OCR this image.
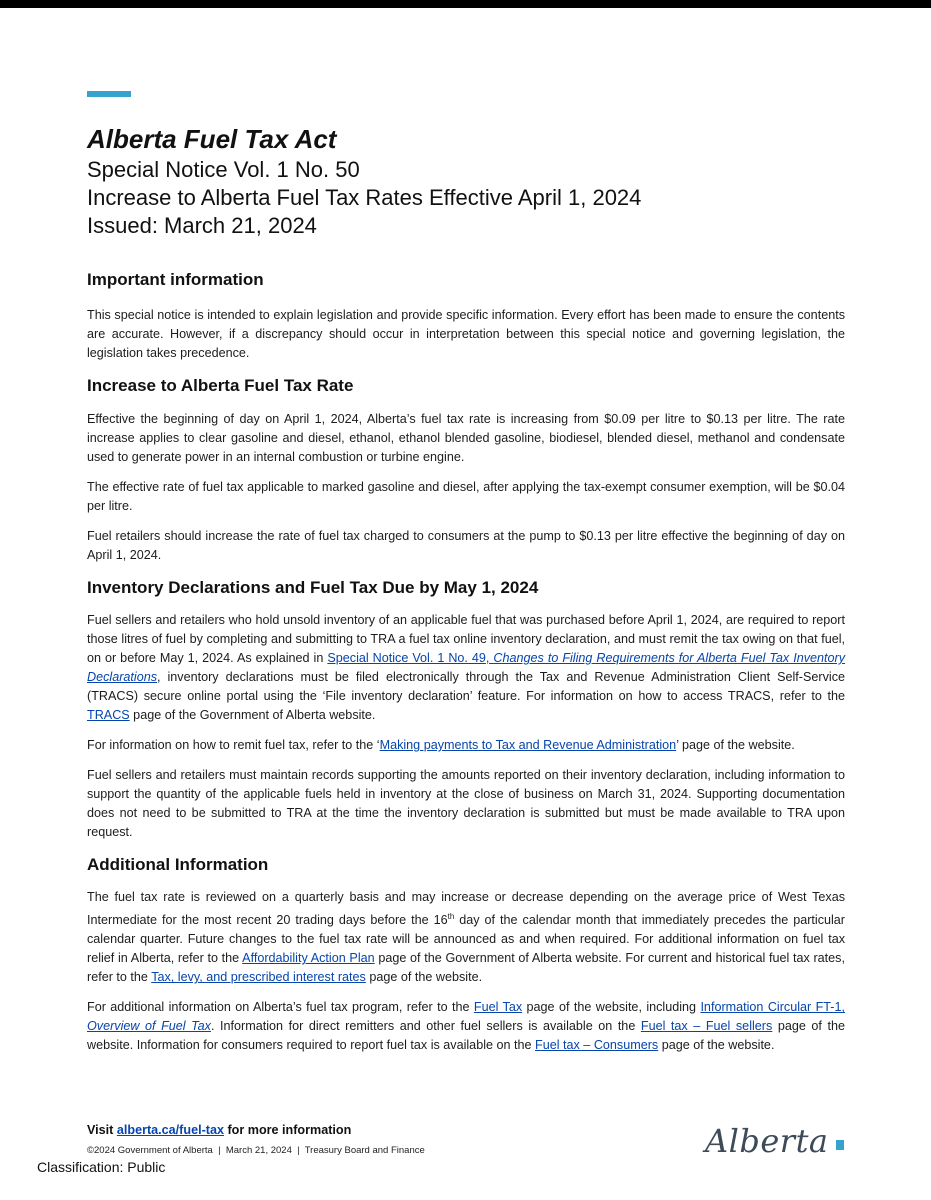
Alberta Fuel Tax Act
Special Notice Vol. 1 No. 50
Increase to Alberta Fuel Tax Rates Effective April 1, 2024
Issued: March 21, 2024
Important information

This special notice is intended to explain legislation and provide specific information. Every effort has been made to ensure the contents are accurate. However, if a discrepancy should occur in interpretation between this special notice and governing legislation, the legislation takes precedence.

Increase to Alberta Fuel Tax Rate

Effective the beginning of day on April 1, 2024, Alberta’s fuel tax rate is increasing from $0.09 per litre to $0.13 per litre. The rate increase applies to clear gasoline and diesel, ethanol, ethanol blended gasoline, biodiesel, blended diesel, methanol and condensate used to generate power in an internal combustion or turbine engine.

The effective rate of fuel tax applicable to marked gasoline and diesel, after applying the tax-exempt consumer exemption, will be $0.04 per litre.

Fuel retailers should increase the rate of fuel tax charged to consumers at the pump to $0.13 per litre effective the beginning of day on April 1, 2024.

Inventory Declarations and Fuel Tax Due by May 1, 2024

Fuel sellers and retailers who hold unsold inventory of an applicable fuel that was purchased before April 1, 2024, are required to report those litres of fuel by completing and submitting to TRA a fuel tax online inventory declaration, and must remit the tax owing on that fuel, on or before May 1, 2024. As explained in Special Notice Vol. 1 No. 49, Changes to Filing Requirements for Alberta Fuel Tax Inventory Declarations, inventory declarations must be filed electronically through the Tax and Revenue Administration Client Self-Service (TRACS) secure online portal using the ‘File inventory declaration’ feature. For information on how to access TRACS, refer to the TRACS page of the Government of Alberta website.

For information on how to remit fuel tax, refer to the ‘Making payments to Tax and Revenue Administration’ page of the website.

Fuel sellers and retailers must maintain records supporting the amounts reported on their inventory declaration, including information to support the quantity of the applicable fuels held in inventory at the close of business on March 31, 2024. Supporting documentation does not need to be submitted to TRA at the time the inventory declaration is submitted but must be made available to TRA upon request.

Additional Information

The fuel tax rate is reviewed on a quarterly basis and may increase or decrease depending on the average price of West Texas Intermediate for the most recent 20 trading days before the 16th day of the calendar month that immediately precedes the particular calendar quarter. Future changes to the fuel tax rate will be announced as and when required. For additional information on fuel tax relief in Alberta, refer to the Affordability Action Plan page of the Government of Alberta website. For current and historical fuel tax rates, refer to the Tax, levy, and prescribed interest rates page of the website.

For additional information on Alberta’s fuel tax program, refer to the Fuel Tax page of the website, including Information Circular FT-1, Overview of Fuel Tax. Information for direct remitters and other fuel sellers is available on the Fuel tax – Fuel sellers page of the website. Information for consumers required to report fuel tax is available on the Fuel tax – Consumers page of the website.

Visit alberta.ca/fuel-tax for more information
©2024 Government of Alberta  |  March 21, 2024  |  Treasury Board and Finance
Classification: Public
Alberta
